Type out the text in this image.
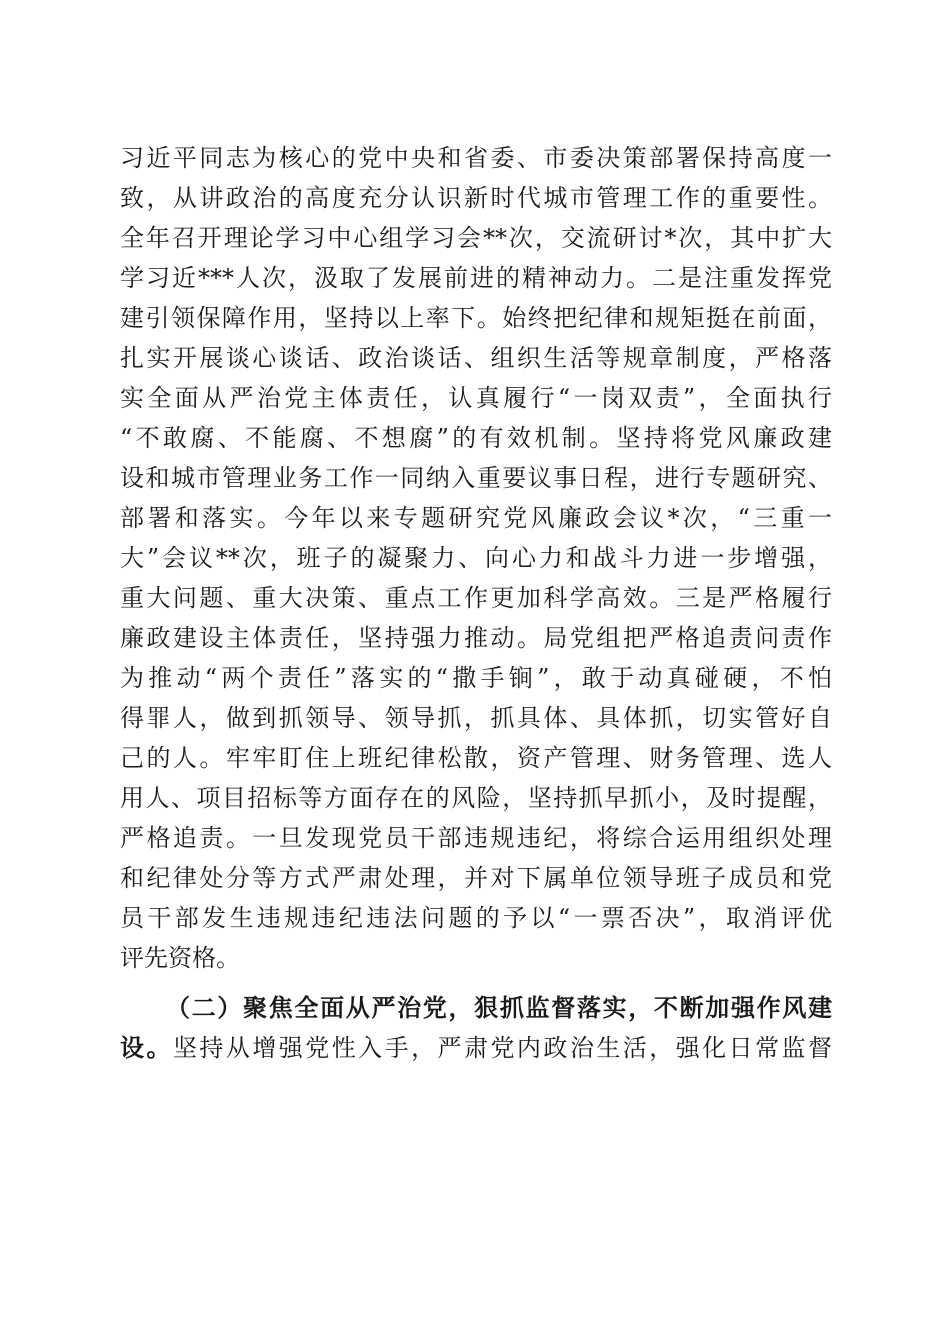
习近平同志为核心的党中央和省委、市委决策部署保持高度一
致，从讲政治的高度充分认识新时代城市管理工作的重要性。
全年召开理论学习中心组学习会**次，交流研讨*次，其中扩大
学习近***人次，汲取了发展前进的精神动力。二是注重发挥党
建引领保障作用，坚持以上率下。始终把纪律和规矩挺在前面，
扎实开展谈心谈话、政治谈话、组织生活等规章制度，严格落
实全面从严治党主体责任，认真履行“一岗双责”，全面执行
“不敢腐、不能腐、不想腐”的有效机制。坚持将党风廉政建
设和城市管理业务工作一同纳入重要议事日程，进行专题研究、
部署和落实。今年以来专题研究党风廉政会议*次，“三重一
大”会议**次，班子的凝聚力、向心力和战斗力进一步增强，
重大问题、重大决策、重点工作更加科学高效。三是严格履行
廉政建设主体责任，坚持强力推动。局党组把严格追责问责作
为推动“两个责任”落实的“撒手锏”，敢于动真碰硬，不怕
得罪人，做到抓领导、领导抓，抓具体、具体抓，切实管好自
己的人。牢牢盯住上班纪律松散，资产管理、财务管理、选人
用人、项目招标等方面存在的风险，坚持抓早抓小，及时提醒，
严格追责。一旦发现党员干部违规违纪，将综合运用组织处理
和纪律处分等方式严肃处理，并对下属单位领导班子成员和党
员干部发生违规违纪违法问题的予以“一票否决”，取消评优
评先资格。
（二）聚焦全面从严治党，狠抓监督落实，不断加强作风建
设。坚持从增强党性入手，严肃党内政治生活，强化日常监督
